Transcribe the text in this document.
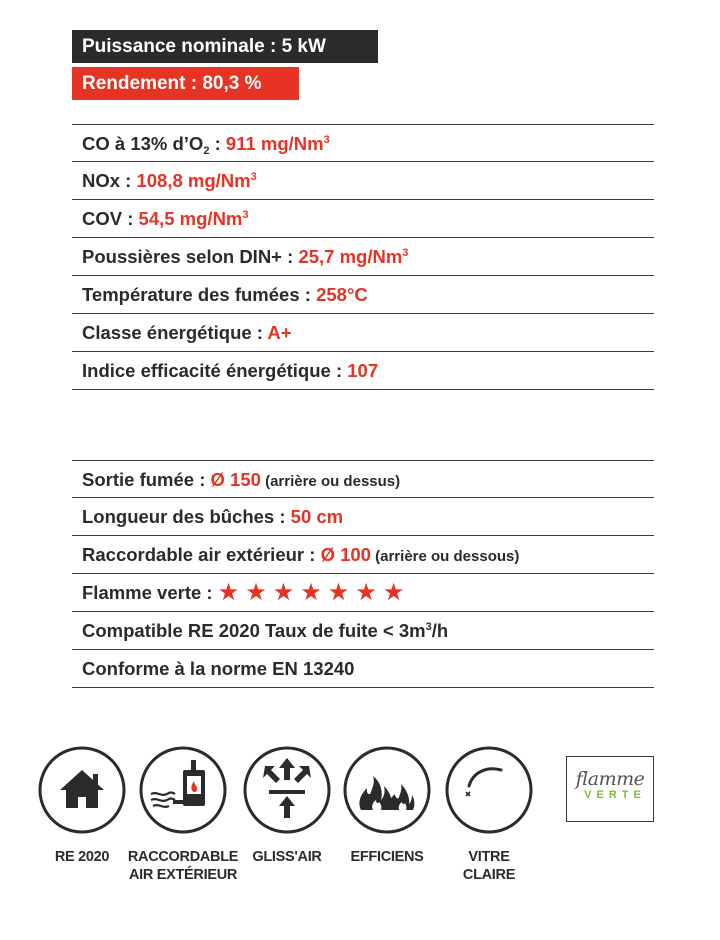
Puissance nominale : 5 kW
Rendement : 80,3 %
CO à 13% $d’O_2$ : 911 mg/Nm$^3$
NOx : 108,8 mg/Nm$^3$
COV : 54,5 mg/Nm$^3$
Poussières selon DIN+ : 25,7 mg/Nm$^3$
Température des fumées : 258°C
Classe énergétique : A+
Indice efficacité énergétique : 107
Sortie fumée : Ø 150 (arrière ou dessus)
Longueur des bûches : 50 cm
Raccordable air extérieur : Ø 100 (arrière ou dessous)
Flamme verte : ★★★★★★★
Compatible RE 2020 Taux de fuite < $3m^3/h$
Conforme à la norme EN 13240
RE 2020	RACCORDABLE
AIR EXTÉRIEUR
GLISS'AIR	EFFICIENS	VITRE
CLAIRE
flamme
VERTE
